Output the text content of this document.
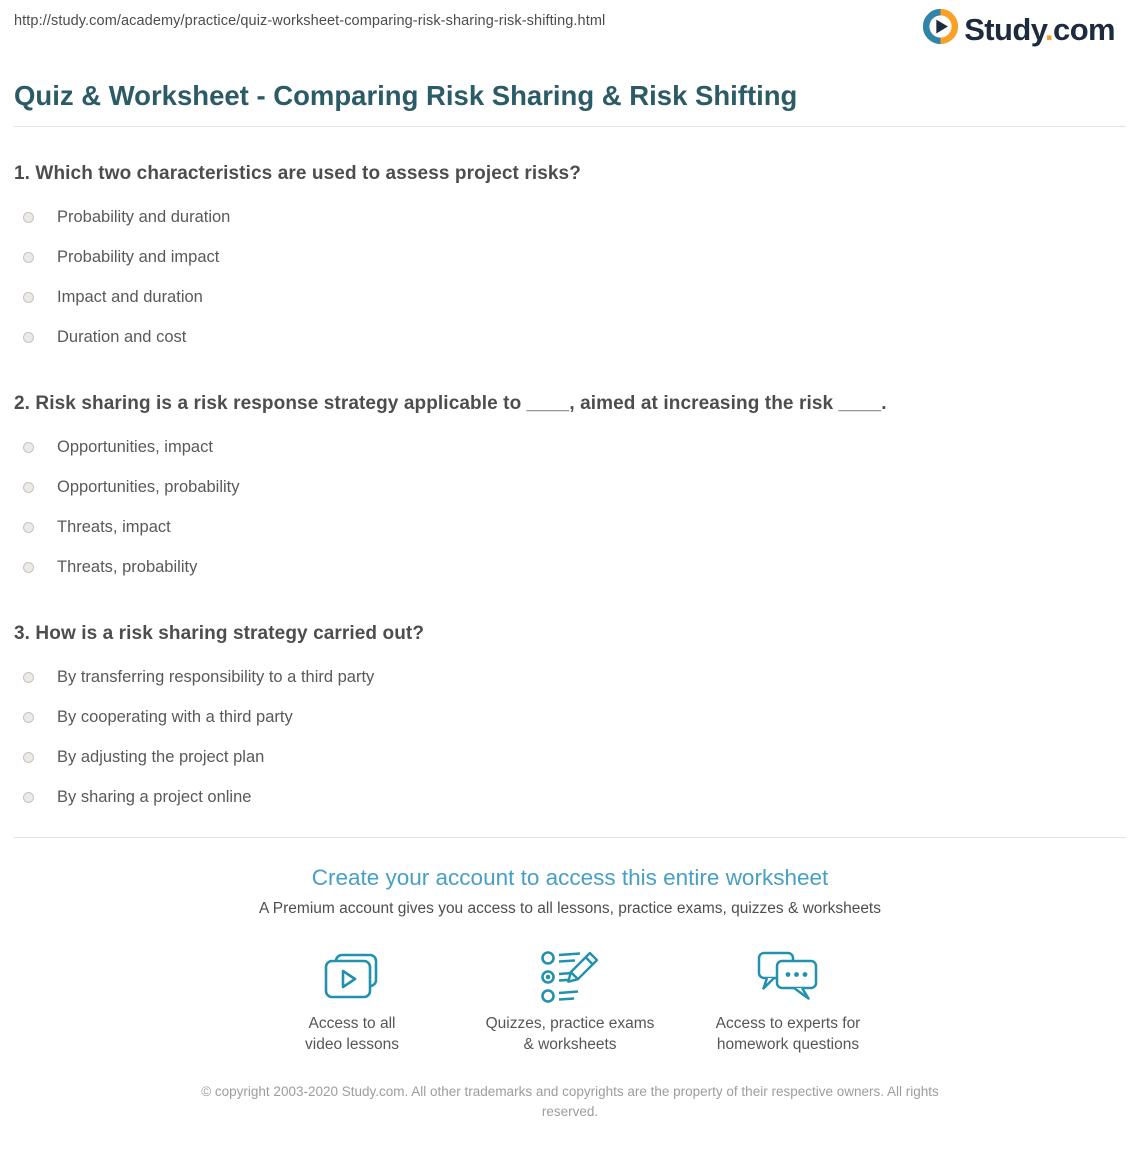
http://study.com/academy/practice/quiz-worksheet-comparing-risk-sharing-risk-shifting.html	Study.com
Quiz & Worksheet - Comparing Risk Sharing & Risk Shifting
1. Which two characteristics are used to assess project risks?
Probability and duration
Probability and impact
Impact and duration
Duration and cost
2. Risk sharing is a risk response strategy applicable to ____, aimed at increasing the risk ____.
Opportunities, impact
Opportunities, probability
Threats, impact
Threats, probability
3. How is a risk sharing strategy carried out?
By transferring responsibility to a third party
By cooperating with a third party
By adjusting the project plan
By sharing a project online
Create your account to access this entire worksheet

A Premium account gives you access to all lessons, practice exams, quizzes & worksheets

Access to all
video lessons
Quizzes, practice exams
& worksheets
Access to experts for
homework questions
© copyright 2003-2020 Study.com. All other trademarks and copyrights are the property of their respective owners. All rights reserved.
